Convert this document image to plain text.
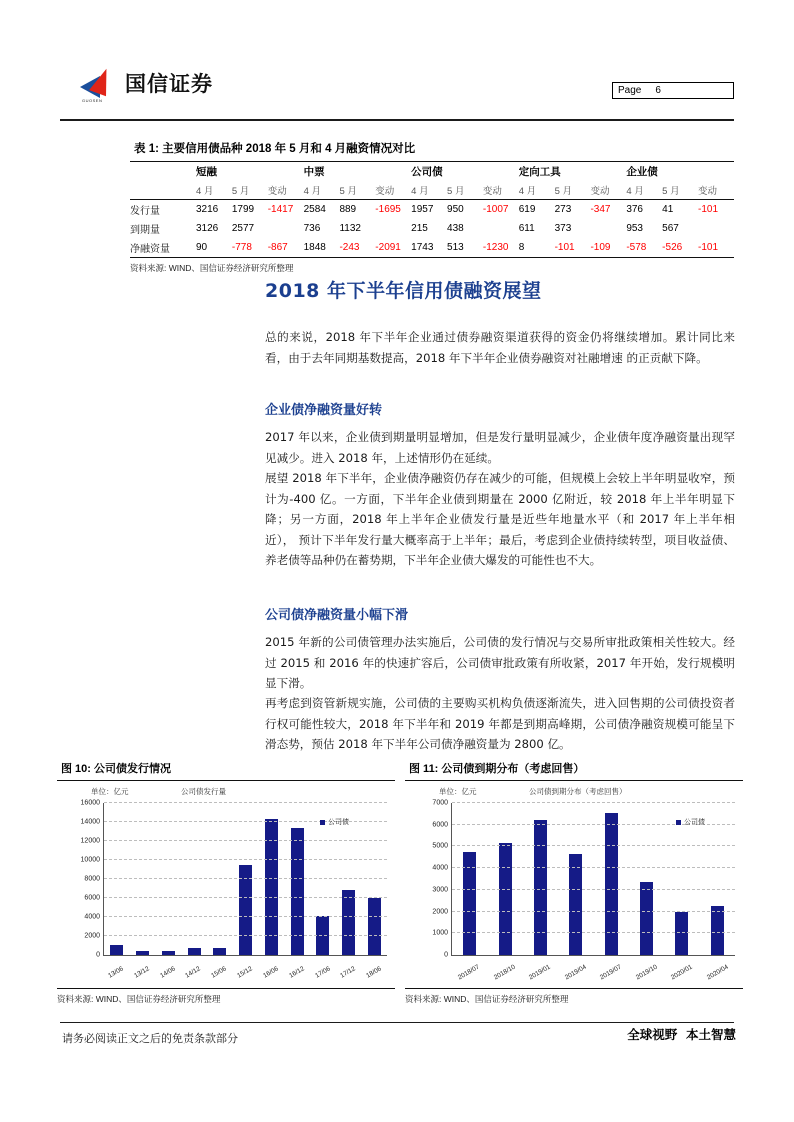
GUOSEN
国信证券	Page 6
表 1: 主要信用债品种 2018 年 5 月和 4 月融资情况对比
	短融			中票			公司债			定向工具			企业债		
	4 月	5 月	变动	4 月	5 月	变动	4 月	5 月	变动	4 月	5 月	变动	4 月	5 月	变动
发行量	3216	1799	-1417	2584	889	-1695	1957	950	-1007	619	273	-347	376	41	-101
到期量	3126	2577		736	1132		215	438		611	373		953	567	
净融资量	90	-778	-867	1848	-243	-2091	1743	513	-1230	8	-101	-109	-578	-526	-101
资料来源: WIND、国信证券经济研究所整理
2018 年下半年信用债融资展望
总的来说，2018 年下半年企业通过债券融资渠道获得的资金仍将继续增加。累计同比来看，由于去年同期基数提高，2018 年下半年企业债券融资对社融增速 的正贡献下降。
企业债净融资量好转
2017 年以来，企业债到期量明显增加，但是发行量明显减少，企业债年度净融资量出现罕见减少。进入 2018 年，上述情形仍在延续。
展望 2018 年下半年，企业债净融资仍存在减少的可能，但规模上会较上半年明显收窄，预计为-400 亿。一方面，下半年企业债到期量在 2000 亿附近，较 2018 年上半年明显下降；另一方面，2018 年上半年企业债发行量是近些年地量水平（和 2017 年上半年相近）， 预计下半年发行量大概率高于上半年；最后，考虑到企业债持续转型，项目收益债、养老债等品种仍在蓄势期，下半年企业债大爆发的可能性也不大。
公司债净融资量小幅下滑
2015 年新的公司债管理办法实施后，公司债的发行情况与交易所审批政策相关性较大。经过 2015 和 2016 年的快速扩容后，公司债审批政策有所收紧，2017 年开始，发行规模明显下滑。
再考虑到资管新规实施，公司债的主要购买机构负债逐渐流失，进入回售期的公司债投资者行权可能性较大，2018 年下半年和 2019 年都是到期高峰期，公司债净融资规模可能呈下滑态势，预估 2018 年下半年公司债净融资量为 2800 亿。
图 10: 公司债发行情况
单位：亿元	公司债发行量
0
2000
4000
6000
8000
10000
12000
14000
16000
公司债
13/06	13/12	14/06	14/12	15/06	15/12	16/06	16/12	17/06	17/12	18/06
资料来源: WIND、国信证券经济研究所整理
图 11: 公司债到期分布（考虑回售）
单位：亿元	公司债到期分布（考虑回售）
0
1000
2000
3000
4000
5000
6000
7000
公司债
2018/07	2018/10	2019/01	2019/04	2019/07	2019/10	2020/01	2020/04
资料来源: WIND、国信证券经济研究所整理
请务必阅读正文之后的免责条款部分	全球视野 本土智慧
